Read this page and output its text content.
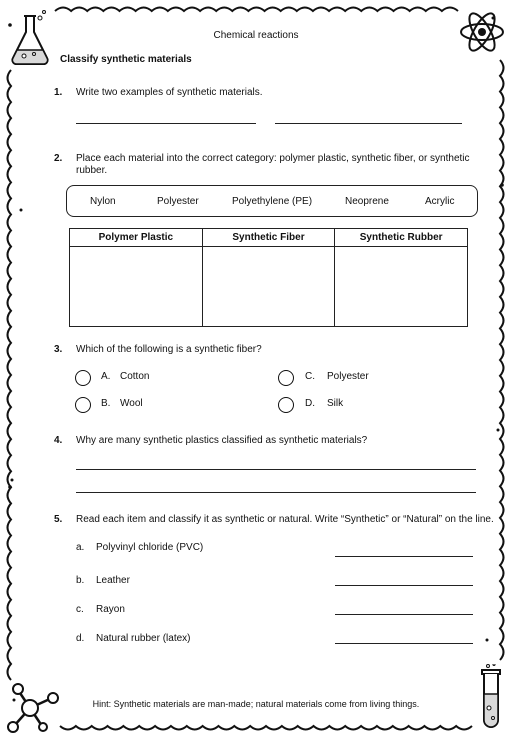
Chemical reactions
Classify synthetic materials
1. Write two examples of synthetic materials.
2. Place each material into the correct category: polymer plastic, synthetic fiber, or synthetic rubber.
Nylon	Polyester	Polyethylene (PE)	Neoprene	Acrylic
Polymer Plastic	Synthetic Fiber	Synthetic Rubber

3. Which of the following is a synthetic fiber?
A. Cotton
B. Wool
C. Polyester
D. Silk
4. Why are many synthetic plastics classified as synthetic materials?
5. Read each item and classify it as synthetic or natural. Write “Synthetic” or “Natural” on the line.
a. Polyvinyl chloride (PVC)
b. Leather
c. Rayon
d. Natural rubber (latex)
Hint: Synthetic materials are man-made; natural materials come from living things.
